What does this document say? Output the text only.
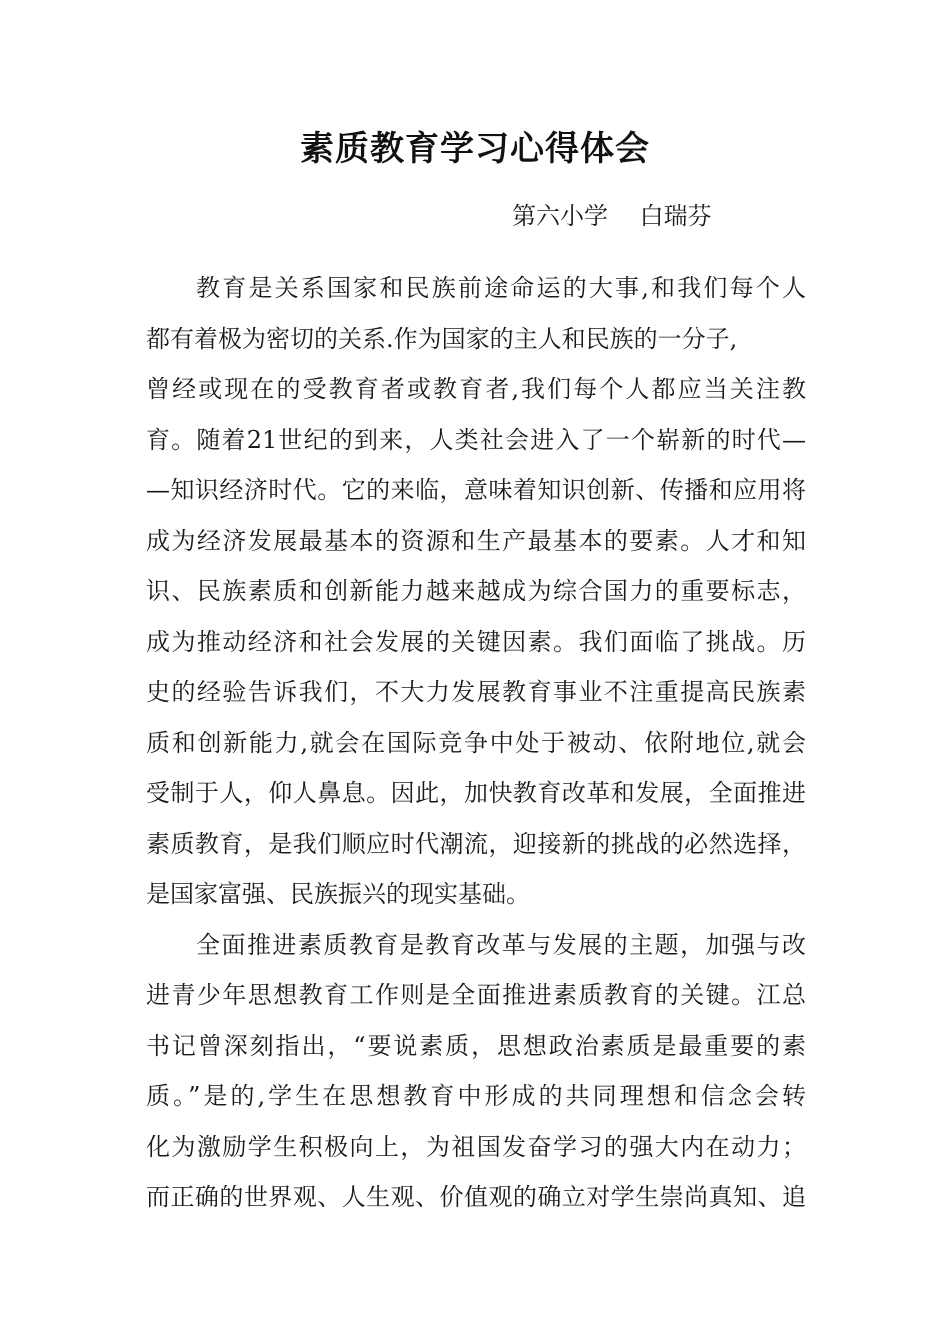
素质教育学习心得体会
第六小学　 白瑞芬
教育是关系国家和民族前途命运的大事,和我们每个人
都有着极为密切的关系.作为国家的主人和民族的一分子,
曾经或现在的受教育者或教育者,我们每个人都应当关注教
育。随着21世纪的到来，人类社会进入了一个崭新的时代—
—知识经济时代。它的来临，意味着知识创新、传播和应用将
成为经济发展最基本的资源和生产最基本的要素。人才和知
识、民族素质和创新能力越来越成为综合国力的重要标志，
成为推动经济和社会发展的关键因素。我们面临了挑战。历
史的经验告诉我们，不大力发展教育事业不注重提高民族素
质和创新能力,就会在国际竞争中处于被动、依附地位,就会
受制于人，仰人鼻息。因此，加快教育改革和发展，全面推进
素质教育，是我们顺应时代潮流，迎接新的挑战的必然选择，
是国家富强、民族振兴的现实基础。
全面推进素质教育是教育改革与发展的主题，加强与改
进青少年思想教育工作则是全面推进素质教育的关键。江总
书记曾深刻指出，“要说素质，思想政治素质是最重要的素
质。”是的,学生在思想教育中形成的共同理想和信念会转
化为激励学生积极向上，为祖国发奋学习的强大内在动力；
而正确的世界观、人生观、价值观的确立对学生崇尚真知、追
